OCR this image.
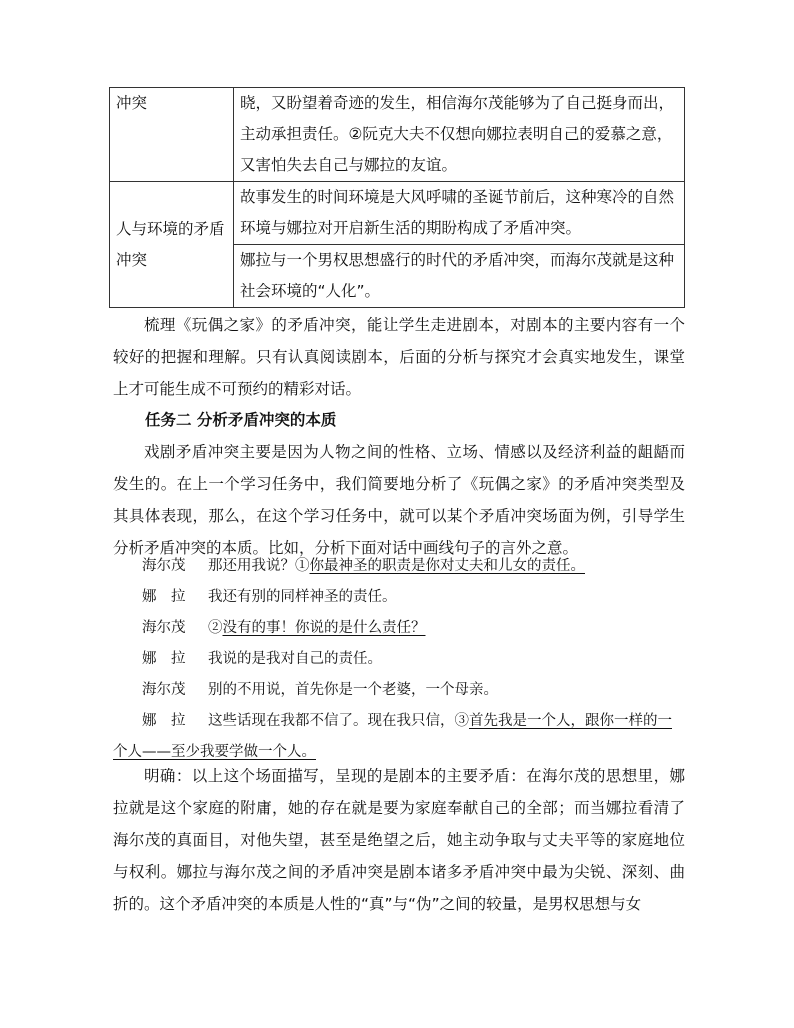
冲突	晓，又盼望着奇迹的发生，相信海尔茂能够为了自己挺身而出，主动承担责任。②阮克大夫不仅想向娜拉表明自己的爱慕之意，又害怕失去自己与娜拉的友谊。
人与环境的矛盾冲突	故事发生的时间环境是大风呼啸的圣诞节前后，这种寒冷的自然环境与娜拉对开启新生活的期盼构成了矛盾冲突。
	娜拉与一个男权思想盛行的时代的矛盾冲突，而海尔茂就是这种社会环境的“人化”。

梳理《玩偶之家》的矛盾冲突，能让学生走进剧本，对剧本的主要内容有一个较好的把握和理解。只有认真阅读剧本，后面的分析与探究才会真实地发生，课堂上才可能生成不可预约的精彩对话。

任务二 分析矛盾冲突的本质

戏剧矛盾冲突主要是因为人物之间的性格、立场、情感以及经济利益的龃龉而发生的。在上一个学习任务中，我们简要地分析了《玩偶之家》的矛盾冲突类型及其具体表现，那么，在这个学习任务中，就可以某个矛盾冲突场面为例，引导学生分析矛盾冲突的本质。比如，分析下面对话中画线句子的言外之意。

海尔茂 那还用我说？①你最神圣的职责是你对丈夫和儿女的责任。
娜　拉 我还有别的同样神圣的责任。
海尔茂 ②没有的事！你说的是什么责任？
娜　拉 我说的是我对自己的责任。
海尔茂 别的不用说，首先你是一个老婆，一个母亲。
娜　拉 这些话现在我都不信了。现在我只信，③首先我是一个人，跟你一样的一个人——至少我要学做一个人。

明确：以上这个场面描写，呈现的是剧本的主要矛盾：在海尔茂的思想里，娜拉就是这个家庭的附庸，她的存在就是要为家庭奉献自己的全部；而当娜拉看清了海尔茂的真面目，对他失望，甚至是绝望之后，她主动争取与丈夫平等的家庭地位与权利。娜拉与海尔茂之间的矛盾冲突是剧本诸多矛盾冲突中最为尖锐、深刻、曲折的。这个矛盾冲突的本质是人性的“真”与“伪”之间的较量，是男权思想与女
